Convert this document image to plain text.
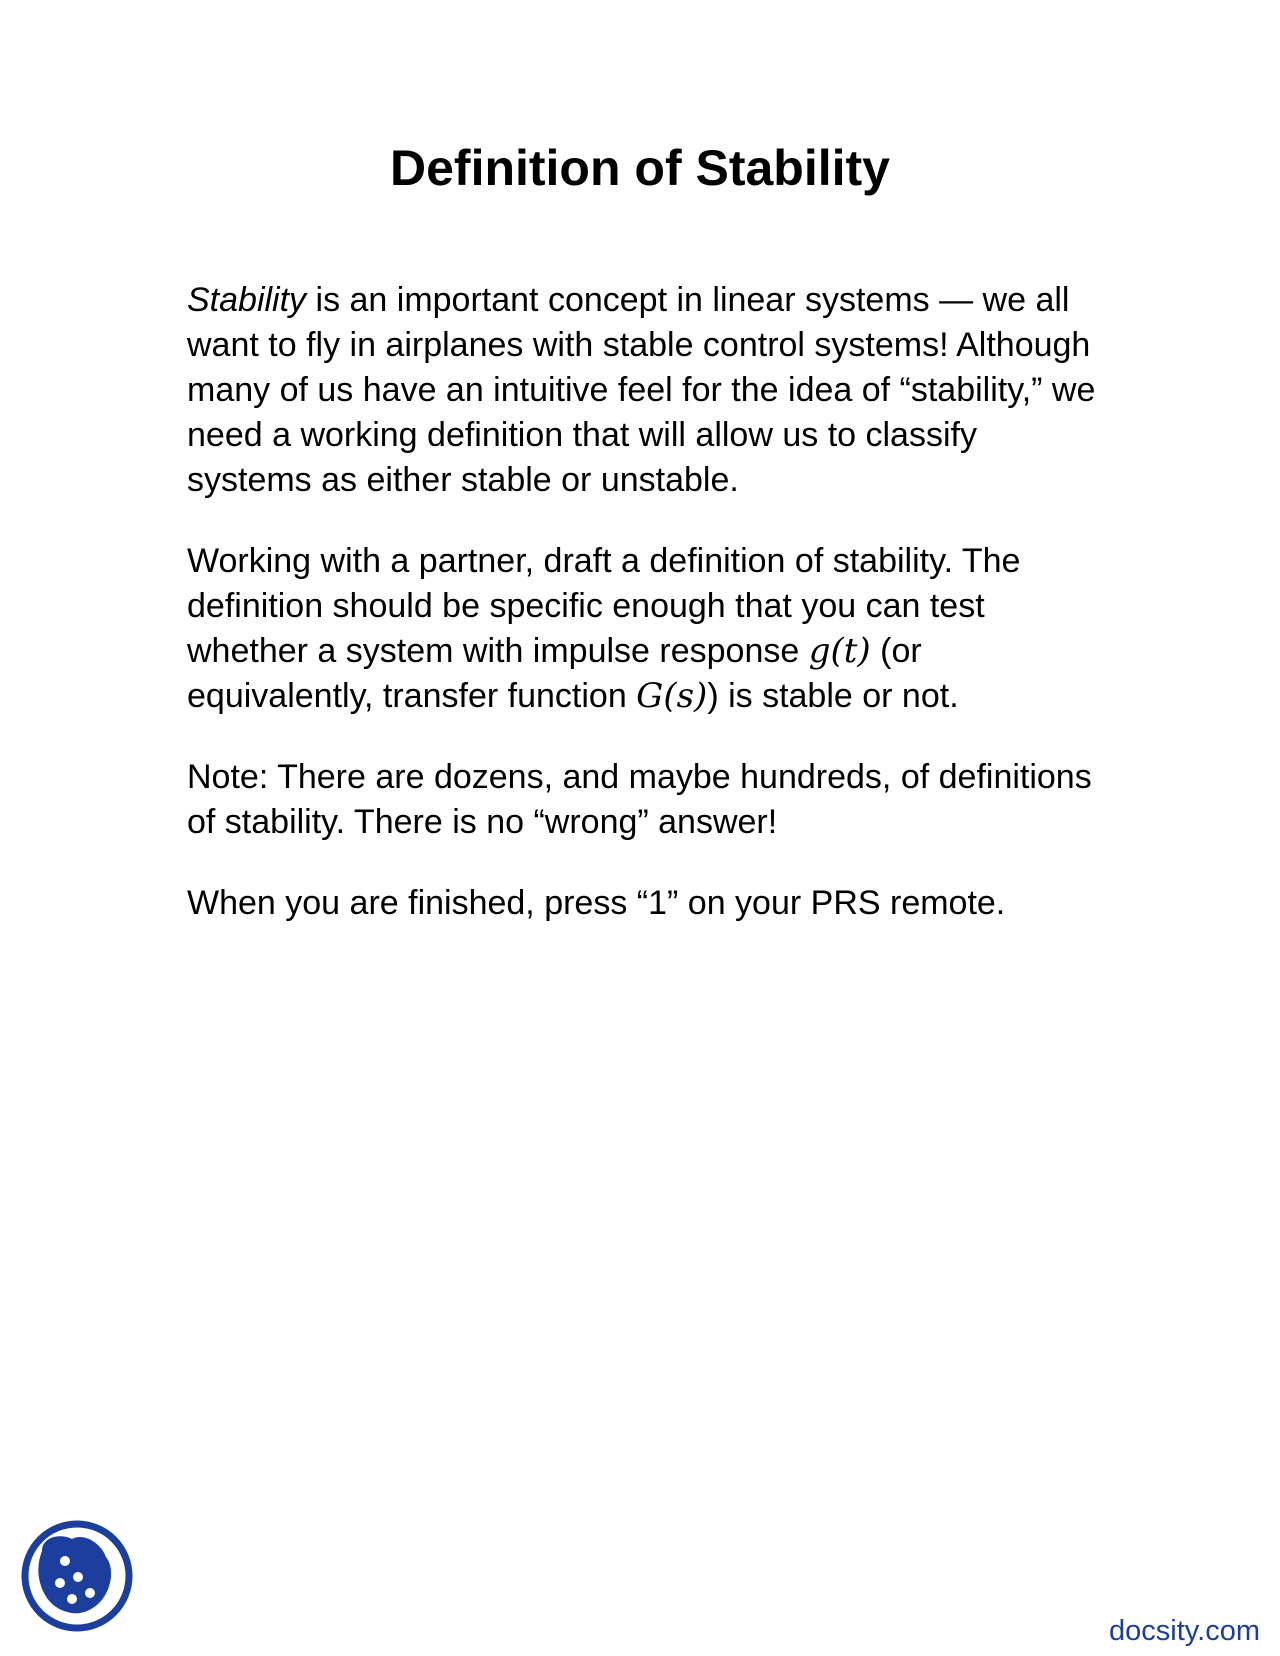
Definition of Stability

Stability is an important concept in linear systems — we all want to fly in airplanes with stable control systems! Although many of us have an intuitive feel for the idea of “stability,” we need a working definition that will allow us to classify systems as either stable or unstable.

Working with a partner, draft a definition of stability. The definition should be specific enough that you can test whether a system with impulse response g(t) (or equivalently, transfer function G(s)) is stable or not.

Note: There are dozens, and maybe hundreds, of definitions of stability. There is no “wrong” answer!

When you are finished, press “1” on your PRS remote.

docsity.com
